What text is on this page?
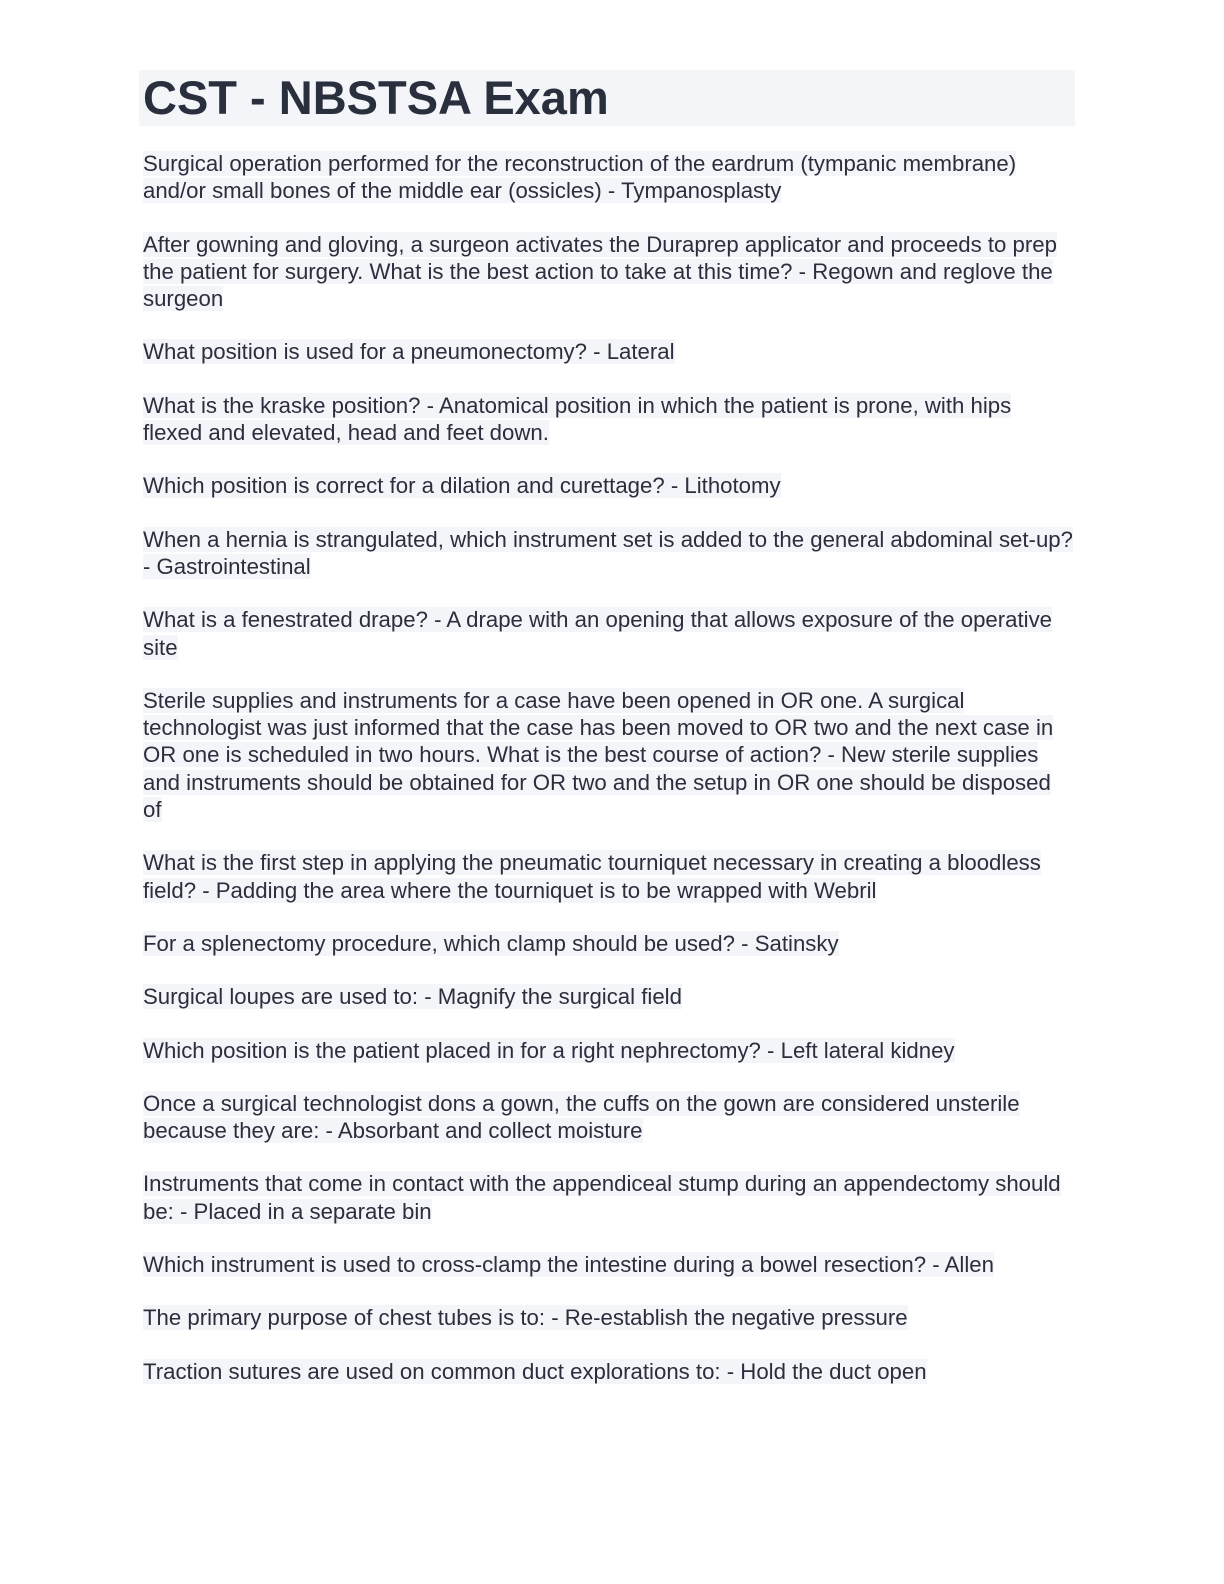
CST - NBSTSA Exam

Surgical operation performed for the reconstruction of the eardrum (tympanic membrane) and/or small bones of the middle ear (ossicles) - Tympanosplasty

After gowning and gloving, a surgeon activates the Duraprep applicator and proceeds to prep the patient for surgery. What is the best action to take at this time? - Regown and reglove the surgeon

What position is used for a pneumonectomy? - Lateral

What is the kraske position? - Anatomical position in which the patient is prone, with hips flexed and elevated, head and feet down.

Which position is correct for a dilation and curettage? - Lithotomy

When a hernia is strangulated, which instrument set is added to the general abdominal set-up? - Gastrointestinal

What is a fenestrated drape? - A drape with an opening that allows exposure of the operative site

Sterile supplies and instruments for a case have been opened in OR one. A surgical technologist was just informed that the case has been moved to OR two and the next case in OR one is scheduled in two hours. What is the best course of action? - New sterile supplies and instruments should be obtained for OR two and the setup in OR one should be disposed of

What is the first step in applying the pneumatic tourniquet necessary in creating a bloodless field? - Padding the area where the tourniquet is to be wrapped with Webril

For a splenectomy procedure, which clamp should be used? - Satinsky

Surgical loupes are used to: - Magnify the surgical field

Which position is the patient placed in for a right nephrectomy? - Left lateral kidney

Once a surgical technologist dons a gown, the cuffs on the gown are considered unsterile because they are: - Absorbant and collect moisture

Instruments that come in contact with the appendiceal stump during an appendectomy should be: - Placed in a separate bin

Which instrument is used to cross-clamp the intestine during a bowel resection? - Allen

The primary purpose of chest tubes is to: - Re-establish the negative pressure

Traction sutures are used on common duct explorations to: - Hold the duct open
